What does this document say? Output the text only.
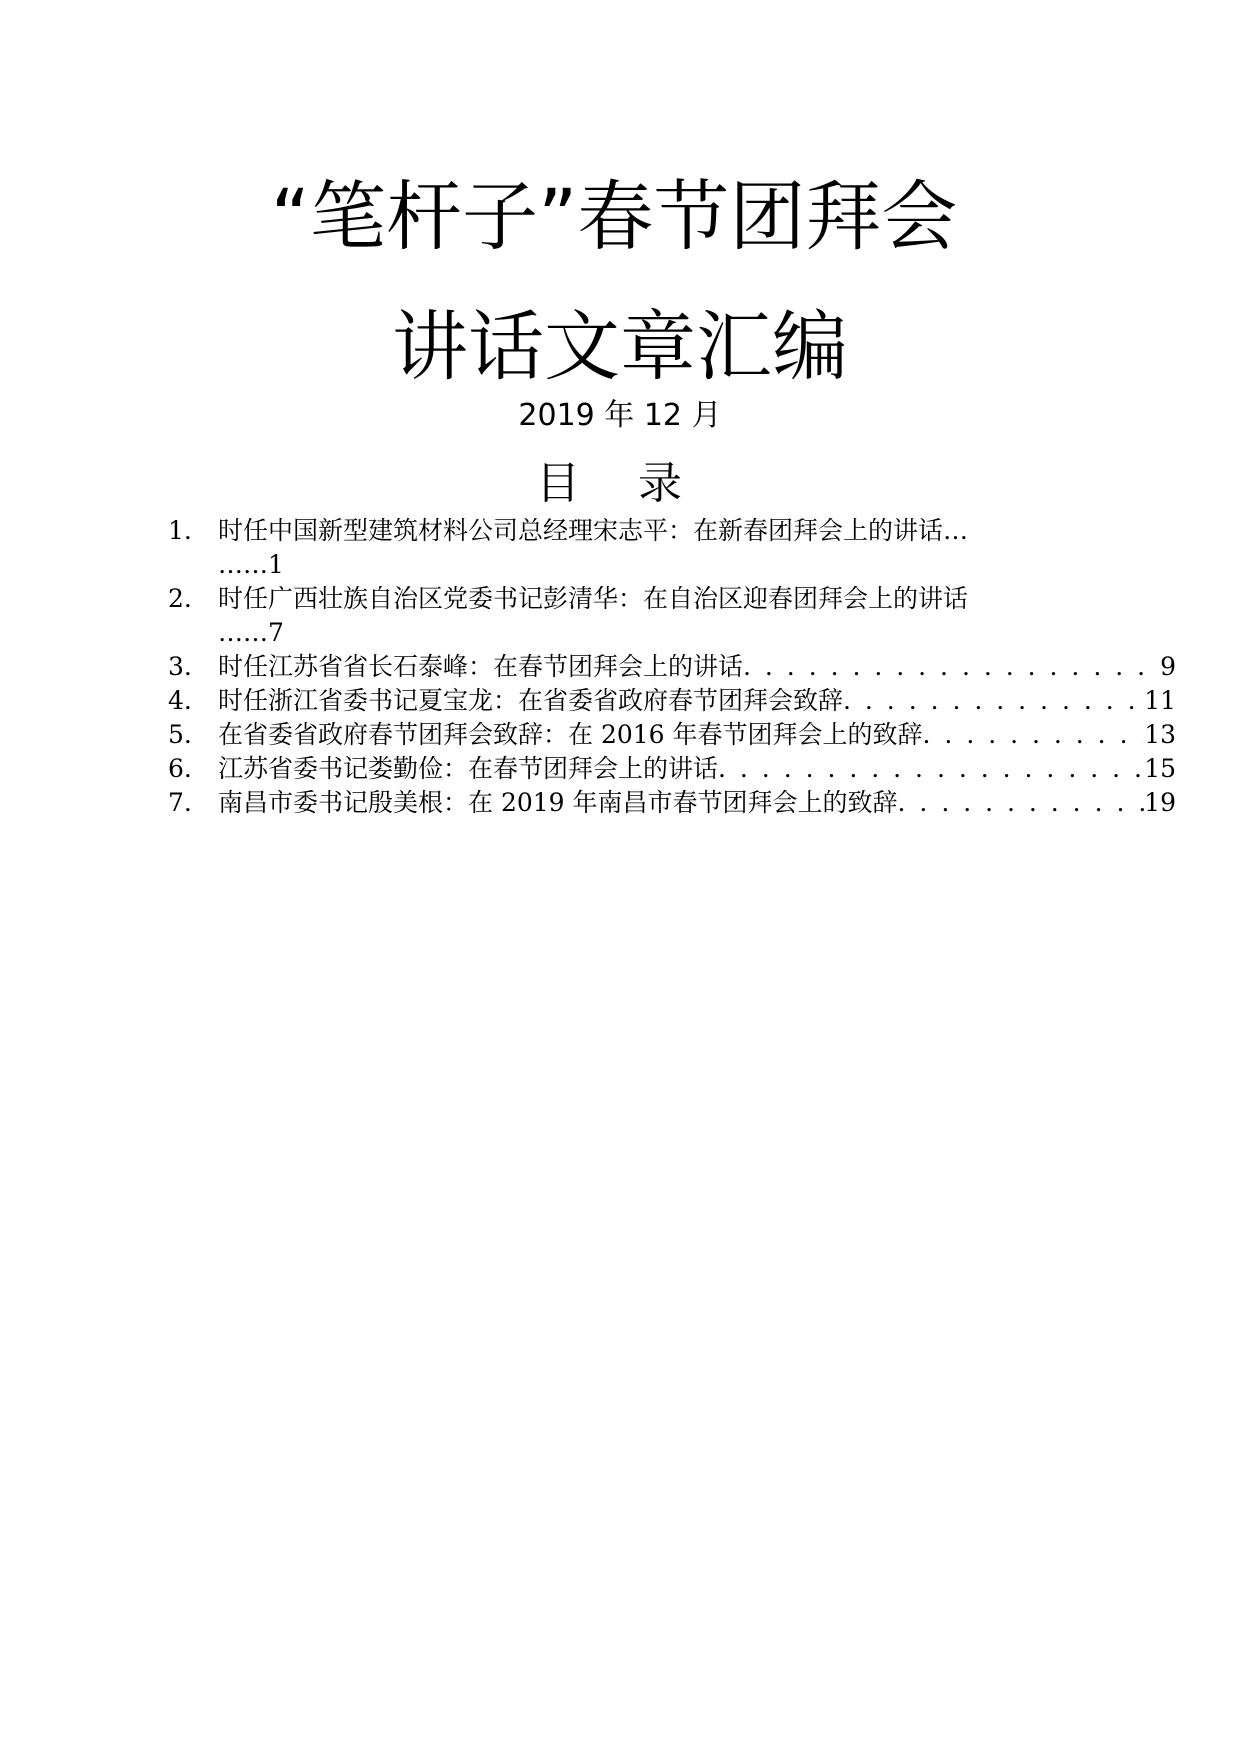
“笔杆子”春节团拜会
讲话文章汇编
2019 年 12 月
目 录
1.	时任中国新型建筑材料公司总经理宋志平：在新春团拜会上的讲话…
……1
2.	时任广西壮族自治区党委书记彭清华：在自治区迎春团拜会上的讲话
……7
3.	时任江苏省省长石泰峰：在春节团拜会上的讲话 . . .	9
4.	时任浙江省委书记夏宝龙：在省委省政府春节团拜会致辞 . . .	11
5.	在省委省政府春节团拜会致辞：在 2016 年春节团拜会上的致辞 . . .	13
6.	江苏省委书记娄勤俭：在春节团拜会上的讲话 . . .	15
7.	南昌市委书记殷美根：在 2019 年南昌市春节团拜会上的致辞 . . .	19
